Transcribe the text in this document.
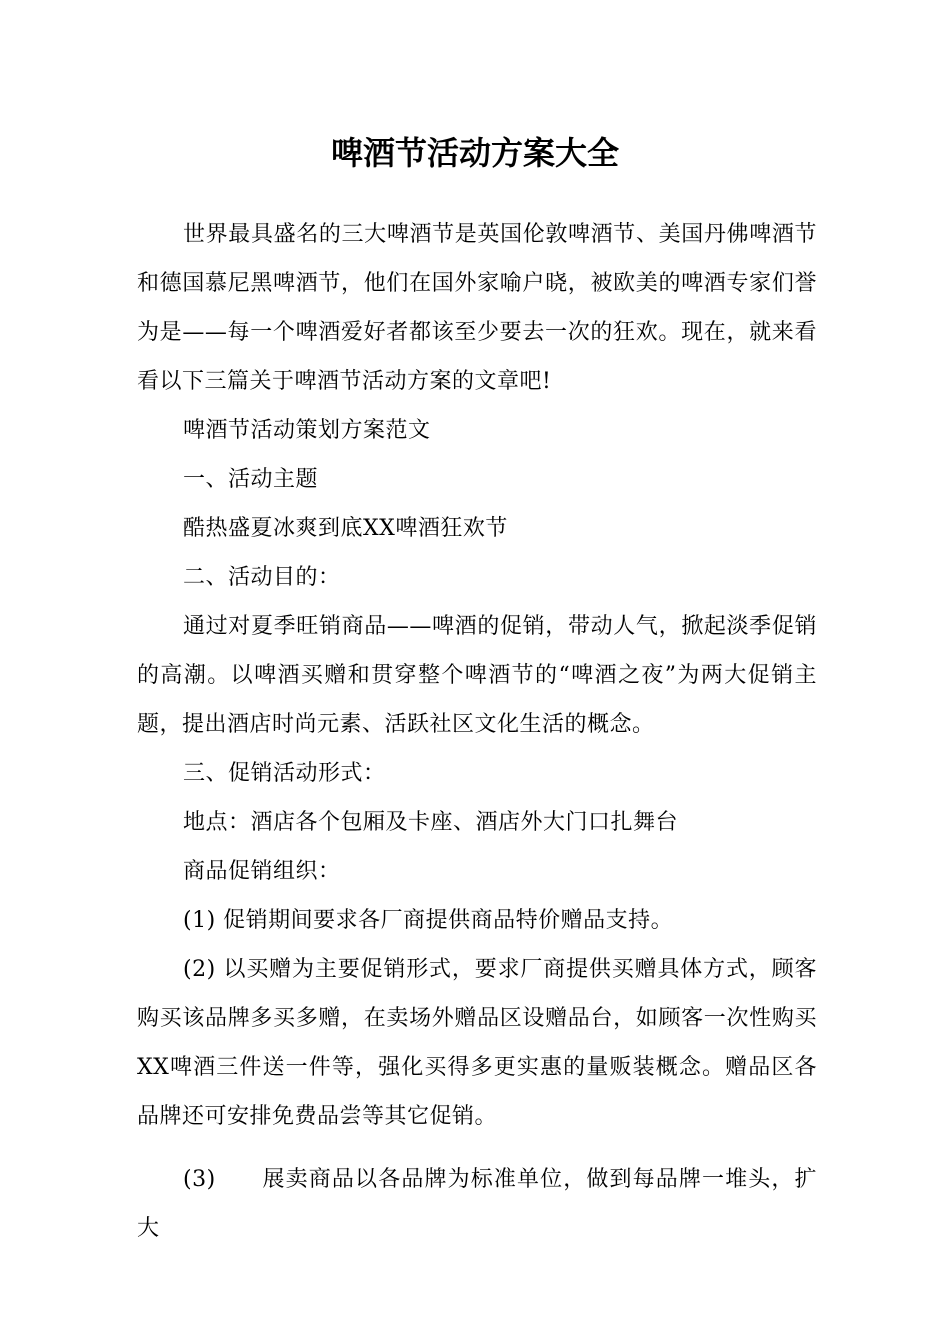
啤酒节活动方案大全

世界最具盛名的三大啤酒节是英国伦敦啤酒节、美国丹佛啤酒节和德国慕尼黑啤酒节，他们在国外家喻户晓，被欧美的啤酒专家们誉为是——每一个啤酒爱好者都该至少要去一次的狂欢。现在，就来看看以下三篇关于啤酒节活动方案的文章吧!

啤酒节活动策划方案范文

一、活动主题

酷热盛夏冰爽到底XX啤酒狂欢节

二、活动目的：

通过对夏季旺销商品——啤酒的促销，带动人气，掀起淡季促销的高潮。以啤酒买赠和贯穿整个啤酒节的“啤酒之夜”为两大促销主题，提出酒店时尚元素、活跃社区文化生活的概念。

三、促销活动形式：

地点：酒店各个包厢及卡座、酒店外大门口扎舞台

商品促销组织：

(1) 促销期间要求各厂商提供商品特价赠品支持。

(2) 以买赠为主要促销形式，要求厂商提供买赠具体方式，顾客购买该品牌多买多赠，在卖场外赠品区设赠品台，如顾客一次性购买XX啤酒三件送一件等，强化买得多更实惠的量贩装概念。赠品区各品牌还可安排免费品尝等其它促销。

(3)　　展卖商品以各品牌为标准单位，做到每品牌一堆头，扩大
